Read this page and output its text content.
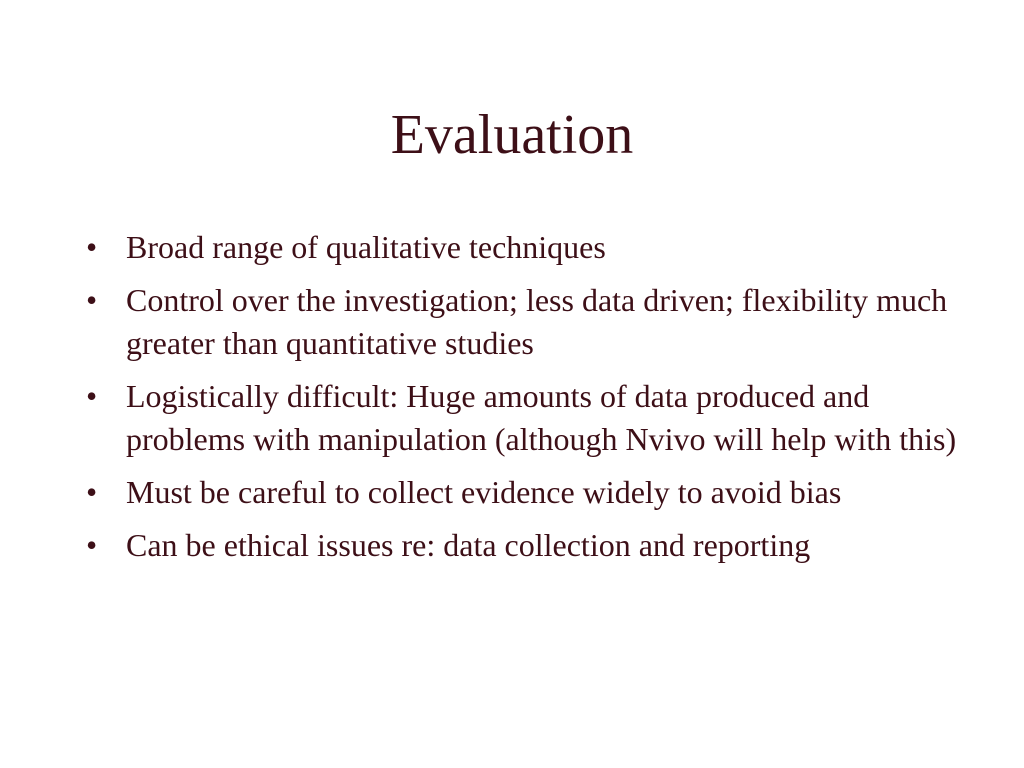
Evaluation
• Broad range of qualitative techniques
• Control over the investigation; less data driven; flexibility much greater than quantitative studies
• Logistically difficult: Huge amounts of data produced and problems with manipulation (although Nvivo will help with this)
• Must be careful to collect evidence widely to avoid bias
• Can be ethical issues re: data collection and reporting
